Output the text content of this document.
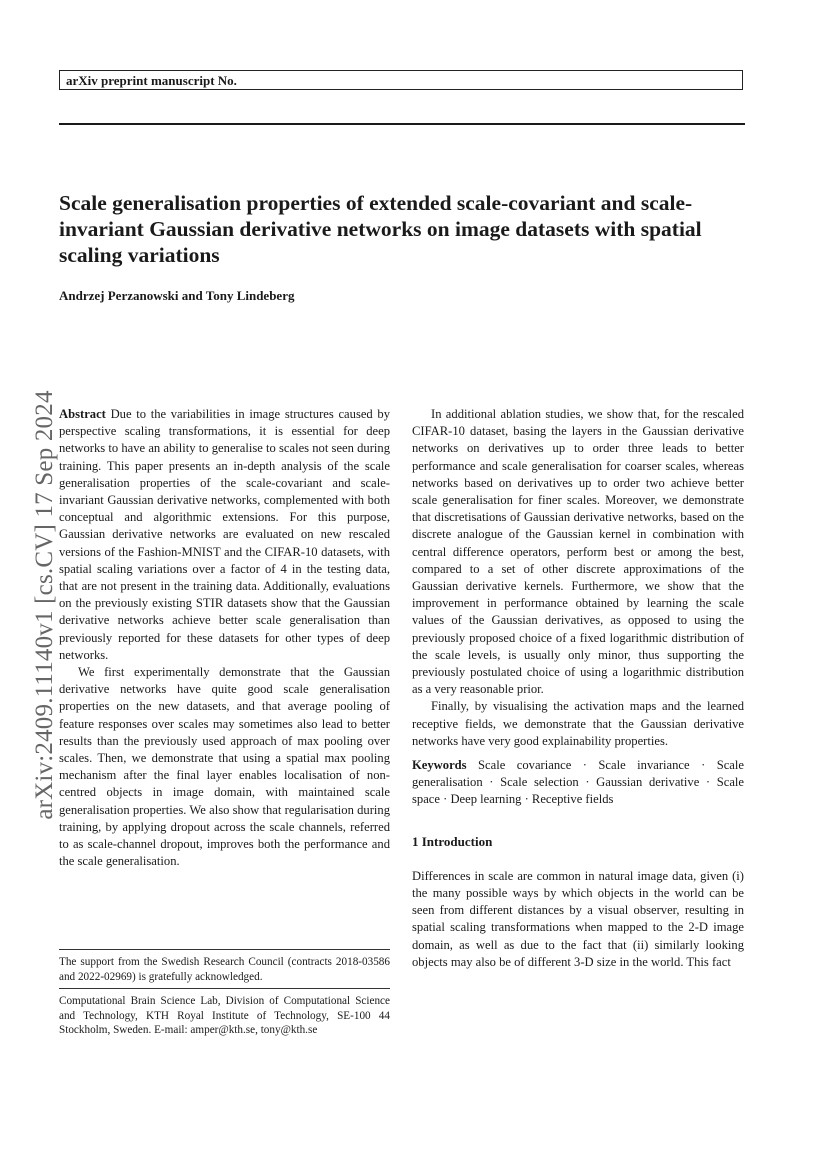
arXiv preprint manuscript No.
Scale generalisation properties of extended scale-covariant and scale-invariant Gaussian derivative networks on image datasets with spatial scaling variations

Andrzej Perzanowski and Tony Lindeberg

arXiv:2409.11140v1 [cs.CV] 17 Sep 2024 Abstract Due to the variabilities in image structures caused by perspective scaling transformations, it is essential for deep networks to have an ability to generalise to scales not seen during training. This paper presents an in-depth analysis of the scale generalisation properties of the scale-covariant and scale-invariant Gaussian derivative networks, complemented with both conceptual and algorithmic extensions. For this purpose, Gaussian derivative networks are evaluated on new rescaled versions of the Fashion-MNIST and the CIFAR-10 datasets, with spatial scaling variations over a factor of 4 in the testing data, that are not present in the training data. Additionally, evaluations on the previously existing STIR datasets show that the Gaussian derivative networks achieve better scale generalisation than previously reported for these datasets for other types of deep networks.

We first experimentally demonstrate that the Gaussian derivative networks have quite good scale generalisation properties on the new datasets, and that average pooling of feature responses over scales may sometimes also lead to better results than the previously used approach of max pooling over scales. Then, we demonstrate that using a spatial max pooling mechanism after the final layer enables localisation of non-centred objects in image domain, with maintained scale generalisation properties. We also show that regularisation during training, by applying dropout across the scale channels, referred to as scale-channel dropout, improves both the performance and the scale generalisation.

In additional ablation studies, we show that, for the rescaled CIFAR-10 dataset, basing the layers in the Gaussian derivative networks on derivatives up to order three leads to better performance and scale generalisation for coarser scales, whereas networks based on derivatives up to order two achieve better scale generalisation for finer scales. Moreover, we demonstrate that discretisations of Gaussian derivative networks, based on the discrete analogue of the Gaussian kernel in combination with central difference operators, perform best or among the best, compared to a set of other discrete approximations of the Gaussian derivative kernels. Furthermore, we show that the improvement in performance obtained by learning the scale values of the Gaussian derivatives, as opposed to using the previously proposed choice of a fixed logarithmic distribution of the scale levels, is usually only minor, thus supporting the previously postulated choice of using a logarithmic distribution as a very reasonable prior.

Finally, by visualising the activation maps and the learned receptive fields, we demonstrate that the Gaussian derivative networks have very good explainability properties.

Keywords Scale covariance · Scale invariance · Scale generalisation · Scale selection · Gaussian derivative · Scale space · Deep learning · Receptive fields

1 Introduction

Differences in scale are common in natural image data, given (i) the many possible ways by which objects in the world can be seen from different distances by a visual observer, resulting in spatial scaling transformations when mapped to the 2-D image domain, as well as due to the fact that (ii) similarly looking objects may also be of different 3-D size in the world. This fact

The support from the Swedish Research Council (contracts 2018-03586 and 2022-02969) is gratefully acknowledged.

Computational Brain Science Lab, Division of Computational Science and Technology, KTH Royal Institute of Technology, SE-100 44 Stockholm, Sweden. E-mail: amper@kth.se, tony@kth.se
